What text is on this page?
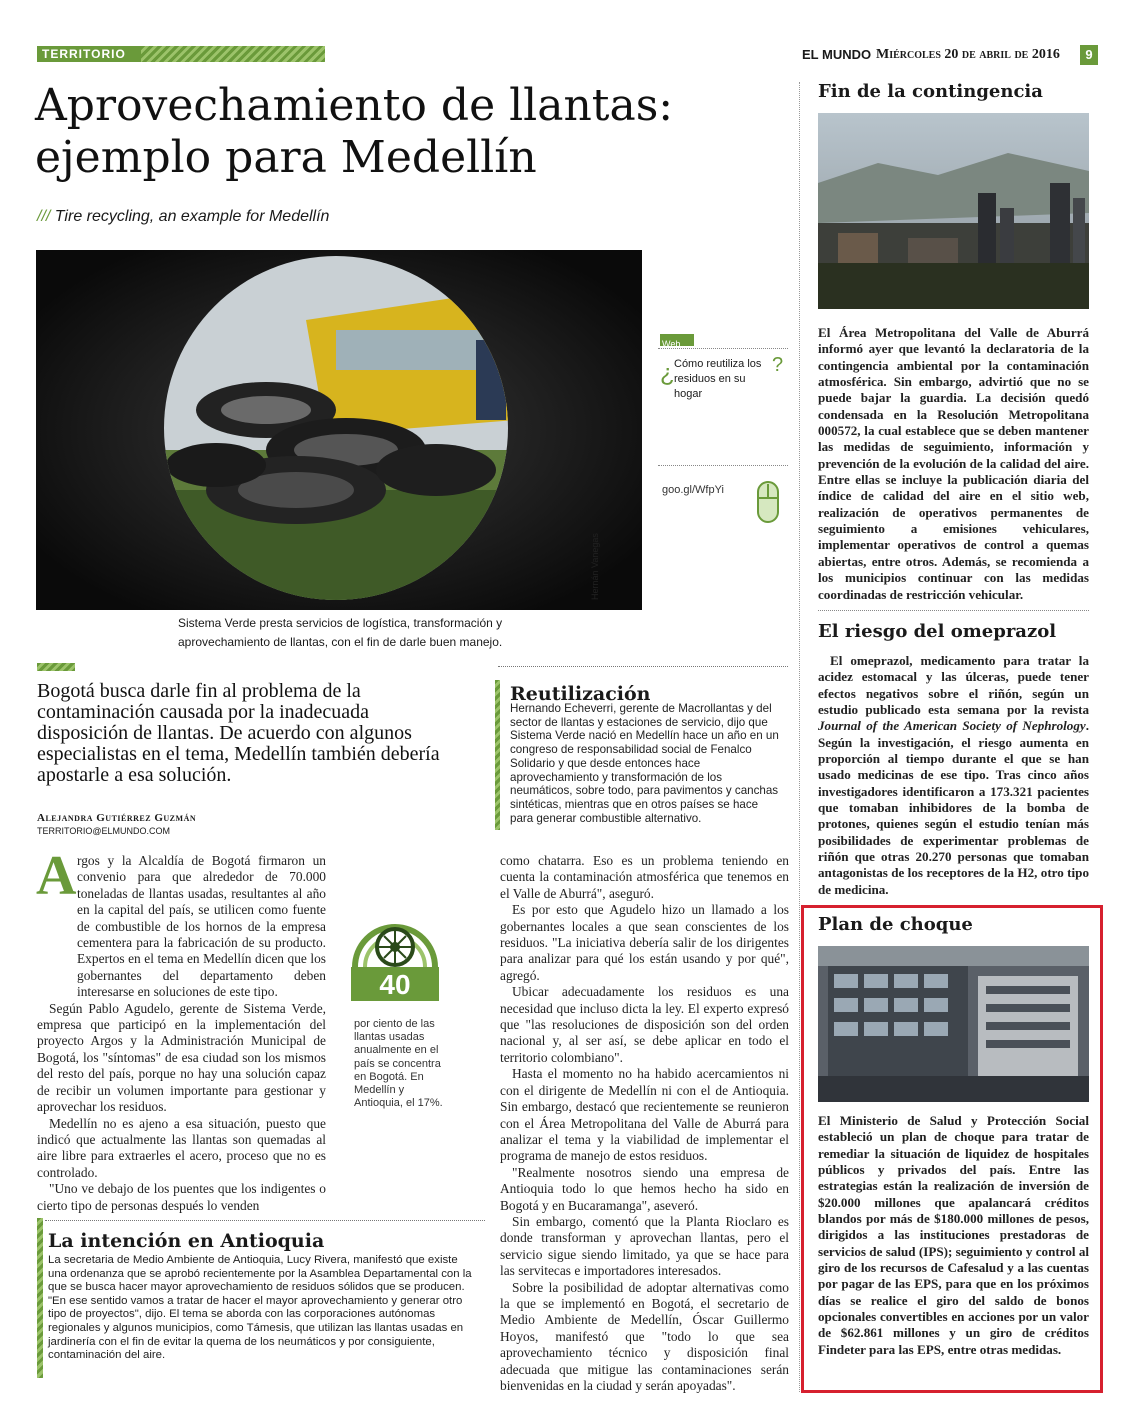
TERRITORIO	EL MUNDO Miércoles 20 de abril de 2016	9
Aprovechamiento de llantas:
ejemplo para Medellín
/// Tire recycling, an example for Medellín
Hernán Vanegas
Sistema Verde presta servicios de logística, transformación y
aprovechamiento de llantas, con el fin de darle buen manejo.
Web
¿ Cómo reutiliza los residuos en su hogar
?
goo.gl/WfpYi
Bogotá busca darle fin al problema de la contaminación causada por la inadecuada disposición de llantas. De acuerdo con algunos especialistas en el tema, Medellín también debería apostarle a esa solución.
Alejandra Gutiérrez Guzmán
TERRITORIO@ELMUNDO.COM
Reutilización
Hernando Echeverri, gerente de Macrollantas y del sector de llantas y estaciones de servicio, dijo que Sistema Verde nació en Medellín hace un año en un congreso de responsabilidad social de Fenalco Solidario y que desde entonces hace aprovechamiento y transformación de los neumáticos, sobre todo, para pavimentos y canchas sintéticas, mientras que en otros países se hace para generar combustible alternativo.
A rgos y la Alcaldía de Bogotá firmaron un convenio para que alrededor de 70.000 toneladas de llantas usadas, resultantes al año en la capital del país, se utilicen como fuente de combustible de los hornos de la empresa cementera para la fabricación de su producto. Expertos en el tema en Medellín dicen que los gobernantes del departamento deben interesarse en soluciones de este tipo.

Según Pablo Agudelo, gerente de Sistema Verde, empresa que participó en la implementación del proyecto Argos y la Administración Municipal de Bogotá, los "síntomas" de esa ciudad son los mismos del resto del país, porque no hay una solución capaz de recibir un volumen importante para gestionar y aprovechar los residuos.

Medellín no es ajeno a esa situación, puesto que indicó que actualmente las llantas son quemadas al aire libre para extraerles el acero, proceso que no es controlado.

"Uno ve debajo de los puentes que los indigentes o cierto tipo de personas después lo venden

40
por ciento de las llantas usadas anualmente en el país se concentra en Bogotá. En Medellín y Antioquia, el 17%.

como chatarra. Eso es un problema teniendo en cuenta la contaminación atmosférica que tenemos en el Valle de Aburrá", aseguró.

Es por esto que Agudelo hizo un llamado a los gobernantes locales a que sean conscientes de los residuos. "La iniciativa debería salir de los dirigentes para analizar para qué los están usando y por qué", agregó.

Ubicar adecuadamente los residuos es una necesidad que incluso dicta la ley. El experto expresó que "las resoluciones de disposición son del orden nacional y, al ser así, se debe aplicar en todo el territorio colombiano".

Hasta el momento no ha habido acercamientos ni con el dirigente de Medellín ni con el de Antioquia. Sin embargo, destacó que recientemente se reunieron con el Área Metropolitana del Valle de Aburrá para analizar el tema y la viabilidad de implementar el programa de manejo de estos residuos.

"Realmente nosotros siendo una empresa de Antioquia todo lo que hemos hecho ha sido en Bogotá y en Bucaramanga", aseveró.

Sin embargo, comentó que la Planta Rioclaro es donde transforman y aprovechan llantas, pero el servicio sigue siendo limitado, ya que se hace para las servitecas e importadores interesados.

Sobre la posibilidad de adoptar alternativas como la que se implementó en Bogotá, el secretario de Medio Ambiente de Medellín, Óscar Guillermo Hoyos, manifestó que "todo lo que sea aprovechamiento técnico y disposición final adecuada que mitigue las contaminaciones serán bienvenidas en la ciudad y serán apoyadas".

La intención en Antioquia

La secretaria de Medio Ambiente de Antioquia, Lucy Rivera, manifestó que existe una ordenanza que se aprobó recientemente por la Asamblea Departamental con la que se busca hacer mayor aprovechamiento de residuos sólidos que se producen.

"En ese sentido vamos a tratar de hacer el mayor aprovechamiento y generar otro tipo de proyectos", dijo. El tema se aborda con las corporaciones autónomas regionales y algunos municipios, como Támesis, que utilizan las llantas usadas en jardinería con el fin de evitar la quema de los neumáticos y por consiguiente, contaminación del aire.

Fin de la contingencia
El Área Metropolitana del Valle de Aburrá informó ayer que levantó la declaratoria de la contingencia ambiental por la contaminación atmosférica. Sin embargo, advirtió que no se puede bajar la guardia. La decisión quedó condensada en la Resolución Metropolitana 000572, la cual establece que se deben mantener las medidas de seguimiento, información y prevención de la evolución de la calidad del aire. Entre ellas se incluye la publicación diaria del índice de calidad del aire en el sitio web, realización de operativos permanentes de seguimiento a emisiones vehiculares, implementar operativos de control a quemas abiertas, entre otros. Además, se recomienda a los municipios continuar con las medidas coordinadas de restricción vehicular.
El riesgo del omeprazol
El omeprazol, medicamento para tratar la acidez estomacal y las úlceras, puede tener efectos negativos sobre el riñón, según un estudio publicado esta semana por la revista Journal of the American Society of Nephrology. Según la investigación, el riesgo aumenta en proporción al tiempo durante el que se han usado medicinas de ese tipo. Tras cinco años investigadores identificaron a 173.321 pacientes que tomaban inhibidores de la bomba de protones, quienes según el estudio tenían más posibilidades de experimentar problemas de riñón que otras 20.270 personas que tomaban antagonistas de los receptores de la H2, otro tipo de medicina.
Plan de choque
El Ministerio de Salud y Protección Social estableció un plan de choque para tratar de remediar la situación de liquidez de hospitales públicos y privados del país. Entre las estrategias están la realización de inversión de $20.000 millones que apalancará créditos blandos por más de $180.000 millones de pesos, dirigidos a las instituciones prestadoras de servicios de salud (IPS); seguimiento y control al giro de los recursos de Cafesalud y a las cuentas por pagar de las EPS, para que en los próximos días se realice el giro del saldo de bonos opcionales convertibles en acciones por un valor de $62.861 millones y un giro de créditos Findeter para las EPS, entre otras medidas.
